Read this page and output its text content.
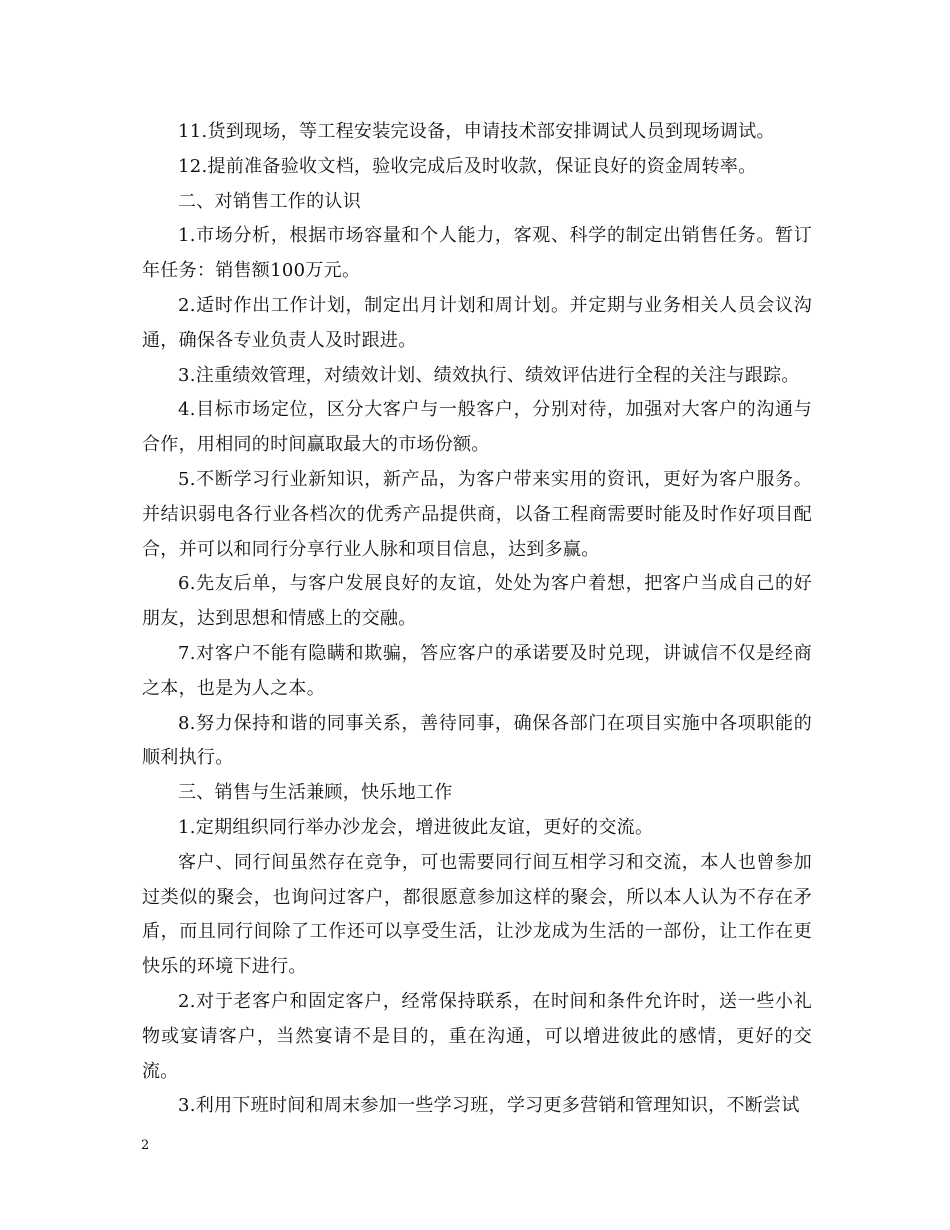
11.货到现场，等工程安装完设备，申请技术部安排调试人员到现场调试。

12.提前准备验收文档，验收完成后及时收款，保证良好的资金周转率。

二、对销售工作的认识

1.市场分析，根据市场容量和个人能力，客观、科学的制定出销售任务。暂订年任务：销售额100万元。

2.适时作出工作计划，制定出月计划和周计划。并定期与业务相关人员会议沟通，确保各专业负责人及时跟进。

3.注重绩效管理，对绩效计划、绩效执行、绩效评估进行全程的关注与跟踪。

4.目标市场定位，区分大客户与一般客户，分别对待，加强对大客户的沟通与合作，用相同的时间赢取最大的市场份额。

5.不断学习行业新知识，新产品，为客户带来实用的资讯，更好为客户服务。并结识弱电各行业各档次的优秀产品提供商，以备工程商需要时能及时作好项目配合，并可以和同行分享行业人脉和项目信息，达到多赢。

6.先友后单，与客户发展良好的友谊，处处为客户着想，把客户当成自己的好朋友，达到思想和情感上的交融。

7.对客户不能有隐瞒和欺骗，答应客户的承诺要及时兑现，讲诚信不仅是经商之本，也是为人之本。

8.努力保持和谐的同事关系，善待同事，确保各部门在项目实施中各项职能的顺利执行。

三、销售与生活兼顾，快乐地工作

1.定期组织同行举办沙龙会，增进彼此友谊，更好的交流。

客户、同行间虽然存在竞争，可也需要同行间互相学习和交流，本人也曾参加过类似的聚会，也询问过客户，都很愿意参加这样的聚会，所以本人认为不存在矛盾，而且同行间除了工作还可以享受生活，让沙龙成为生活的一部份，让工作在更快乐的环境下进行。

2.对于老客户和固定客户，经常保持联系，在时间和条件允许时，送一些小礼物或宴请客户，当然宴请不是目的，重在沟通，可以增进彼此的感情，更好的交流。

3.利用下班时间和周末参加一些学习班，学习更多营销和管理知识，不断尝试

2
